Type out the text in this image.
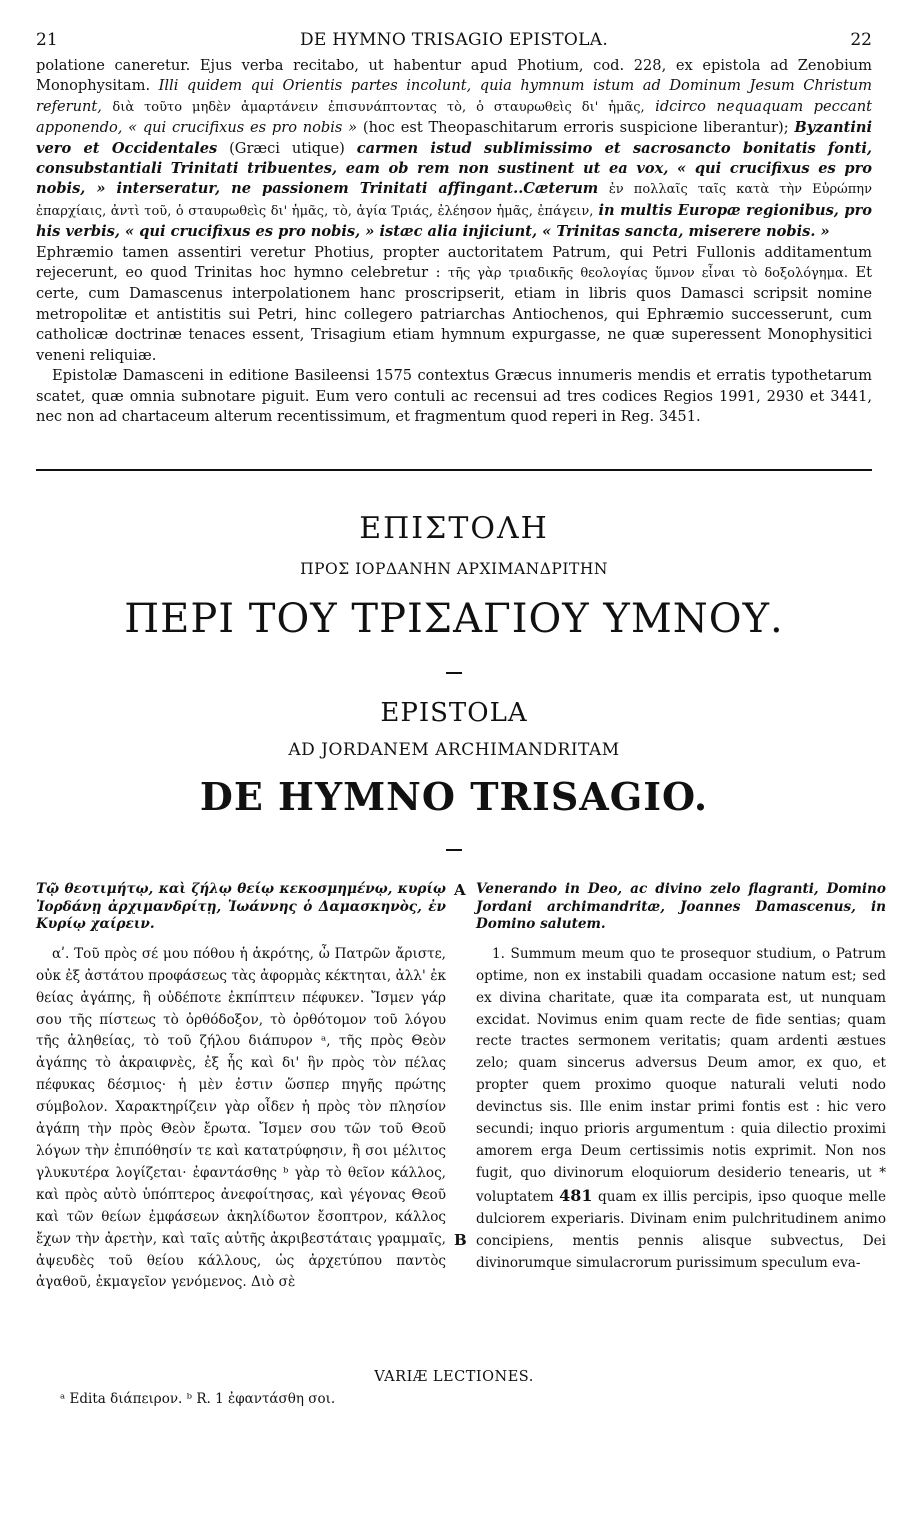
21	DE HYMNO TRISAGIO EPISTOLA.	22

polatione caneretur. Ejus verba recitabo, ut habentur apud Photium, cod. 228, ex epistola ad Zenobium Monophysitam. Illi quidem qui Orientis partes incolunt, quia hymnum istum ad Dominum Jesum Christum referunt, διὰ τοῦτο μηδὲν ἁμαρτάνειν ἐπισυνάπτοντας τὸ, ὁ σταυρωθεὶς δι' ἡμᾶς, idcirco nequaquam peccant apponendo, « qui crucifixus es pro nobis » (hoc est Theopaschitarum erroris suspicione liberantur); Byzantini vero et Occidentales (Græci utique) carmen istud sublimissimo et sacrosancto bonitatis fonti, consubstantiali Trinitati tribuentes, eam ob rem non sustinent ut ea vox, « qui crucifixus es pro nobis, » interseratur, ne passionem Trinitati affingant..Cæterum ἐν πολλαῖς ταῖς κατὰ τὴν Εὐρώπην ἐπαρχίαις, ἀντὶ τοῦ, ὁ σταυρωθεὶς δι' ἡμᾶς, τὸ, ἁγία Τριάς, ἐλέησον ἡμᾶς, ἐπάγειν, in multis Europæ regionibus, pro his verbis, « qui crucifixus es pro nobis, » istæc alia injiciunt, « Trinitas sancta, miserere nobis. »
Ephræmio tamen assentiri veretur Photius, propter auctoritatem Patrum, qui Petri Fullonis additamentum rejecerunt, eo quod Trinitas hoc hymno celebretur : τῆς γὰρ τριαδικῆς θεολογίας ὕμνον εἶναι τὸ δοξολόγημα. Et certe, cum Damascenus interpolationem hanc proscripserit, etiam in libris quos Damasci scripsit nomine metropolitæ et antistitis sui Petri, hinc collegero patriarchas Antiochenos, qui Ephræmio successerunt, cum catholicæ doctrinæ tenaces essent, Trisagium etiam hymnum expurgasse, ne quæ superessent Monophysitici veneni reliquiæ.

Epistolæ Damasceni in editione Basileensi 1575 contextus Græcus innumeris mendis et erratis typothetarum scatet, quæ omnia subnotare piguit. Eum vero contuli ac recensui ad tres codices Regios 1991, 2930 et 3441, nec non ad chartaceum alterum recentissimum, et fragmentum quod reperi in Reg. 3451.

ΕΠΙΣΤΟΛΗ
ΠΡΟΣ ΙΟΡΔΑΝΗΝ ΑΡΧΙΜΑΝΔΡΙΤΗΝ
ΠΕΡΙ ΤΟΥ ΤΡΙΣΑΓΙΟΥ ΥΜΝΟΥ.
EPISTOLA
AD JORDANEM ARCHIMANDRITAM
DE HYMNO TRISAGIO.
A
B

Τῷ θεοτιμήτῳ, καὶ ζήλῳ θείῳ κεκοσμημένῳ, κυρίῳ Ἰορδάνῃ ἀρχιμανδρίτῃ, Ἰωάννης ὁ Δαμασκηνὸς, ἐν Κυρίῳ χαίρειν.

αʹ. Τοῦ πρὸς σέ μου πόθου ἡ ἀκρότης, ὦ Πατρῶν ἄριστε, οὐκ ἐξ ἀστάτου προφάσεως τὰς ἀφορμὰς κέκτηται, ἀλλ' ἐκ θείας ἀγάπης, ἣ οὐδέποτε ἐκπίπτειν πέφυκεν. Ἴσμεν γάρ σου τῆς πίστεως τὸ ὀρθόδοξον, τὸ ὀρθότομον τοῦ λόγου τῆς ἀληθείας, τὸ τοῦ ζήλου διάπυρον ᵃ, τῆς πρὸς Θεὸν ἀγάπης τὸ ἀκραιφνὲς, ἐξ ἧς καὶ δι' ἣν πρὸς τὸν πέλας πέφυκας δέσμιος· ἡ μὲν ἐστιν ὥσπερ πηγῆς πρώτης σύμβολον. Χαρακτηρίζειν γὰρ οἶδεν ἡ πρὸς τὸν πλησίον ἀγάπη τὴν πρὸς Θεὸν ἔρωτα. Ἴσμεν σου τῶν τοῦ Θεοῦ λόγων τὴν ἐπιπόθησίν τε καὶ κατατρύφησιν, ἢ σοι μέλιτος γλυκυτέρα λογίζεται· ἐφαντάσθης ᵇ γὰρ τὸ θεῖον κάλλος, καὶ πρὸς αὐτὸ ὑπόπτερος ἀνεφοίτησας, καὶ γέγονας Θεοῦ καὶ τῶν θείων ἐμφάσεων ἀκηλίδωτον ἔσοπτρον, κάλλος ἔχων τὴν ἀρετὴν, καὶ ταῖς αὐτῆς ἀκριβεστάταις γραμμαῖς, ἀψευδὲς τοῦ θείου κάλλους, ὡς ἀρχετύπου παντὸς ἀγαθοῦ, ἐκμαγεῖον γενόμενος. Διὸ σὲ

Venerando in Deo, ac divino zelo flagranti, Domino Jordani archimandritæ, Joannes Damascenus, in Domino salutem.

1. Summum meum quo te prosequor studium, o Patrum optime, non ex instabili quadam occasione natum est; sed ex divina charitate, quæ ita comparata est, ut nunquam excidat. Novimus enim quam recte de fide sentias; quam recte tractes sermonem veritatis; quam ardenti æstues zelo; quam sincerus adversus Deum amor, ex quo, et propter quem proximo quoque naturali veluti nodo devinctus sis. Ille enim instar primi fontis est : hic vero secundi; inquo prioris argumentum : quia dilectio proximi amorem erga Deum certissimis notis exprimit. Non nos fugit, quo divinorum eloquiorum desiderio tenearis, ut * voluptatem 481 quam ex illis percipis, ipso quoque melle dulciorem experiaris. Divinam enim pulchritudinem animo concipiens, mentis pennis alisque subvectus, Dei divinorumque simulacrorum purissimum speculum eva-

VARIÆ LECTIONES.
ᵃ Edita διάπειρον. ᵇ R. 1 ἐφαντάσθη σοι.
